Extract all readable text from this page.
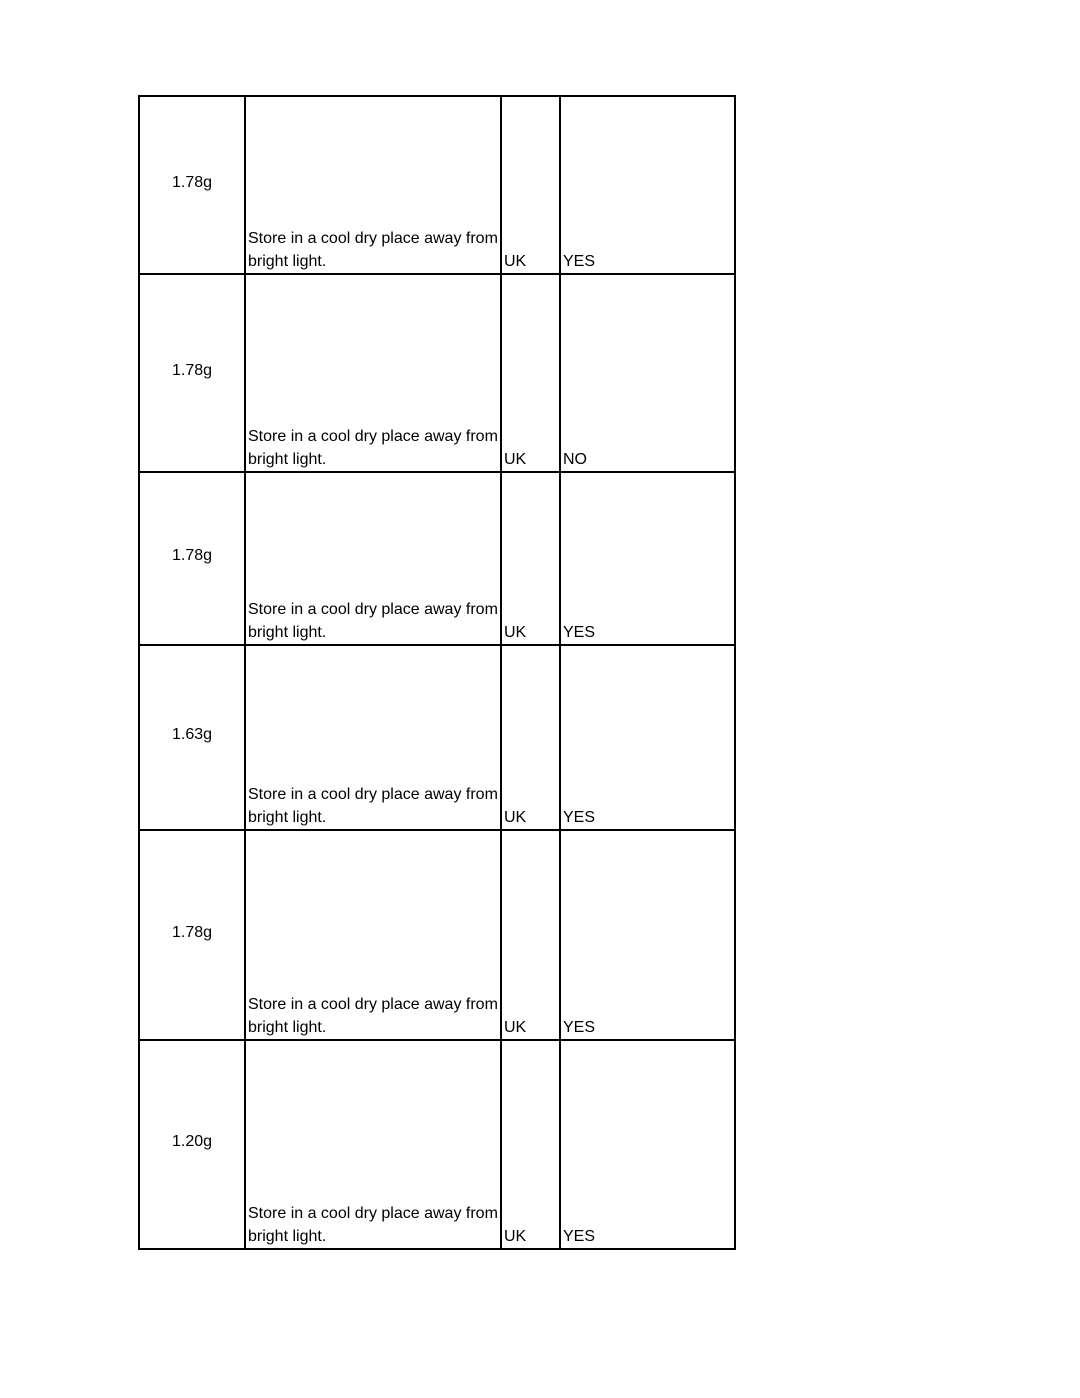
1.78g	Store in a cool dry place away from bright light.	UK	YES
1.78g	Store in a cool dry place away from bright light.	UK	NO
1.78g	Store in a cool dry place away from bright light.	UK	YES
1.63g	Store in a cool dry place away from bright light.	UK	YES
1.78g	Store in a cool dry place away from bright light.	UK	YES
1.20g	Store in a cool dry place away from bright light.	UK	YES
